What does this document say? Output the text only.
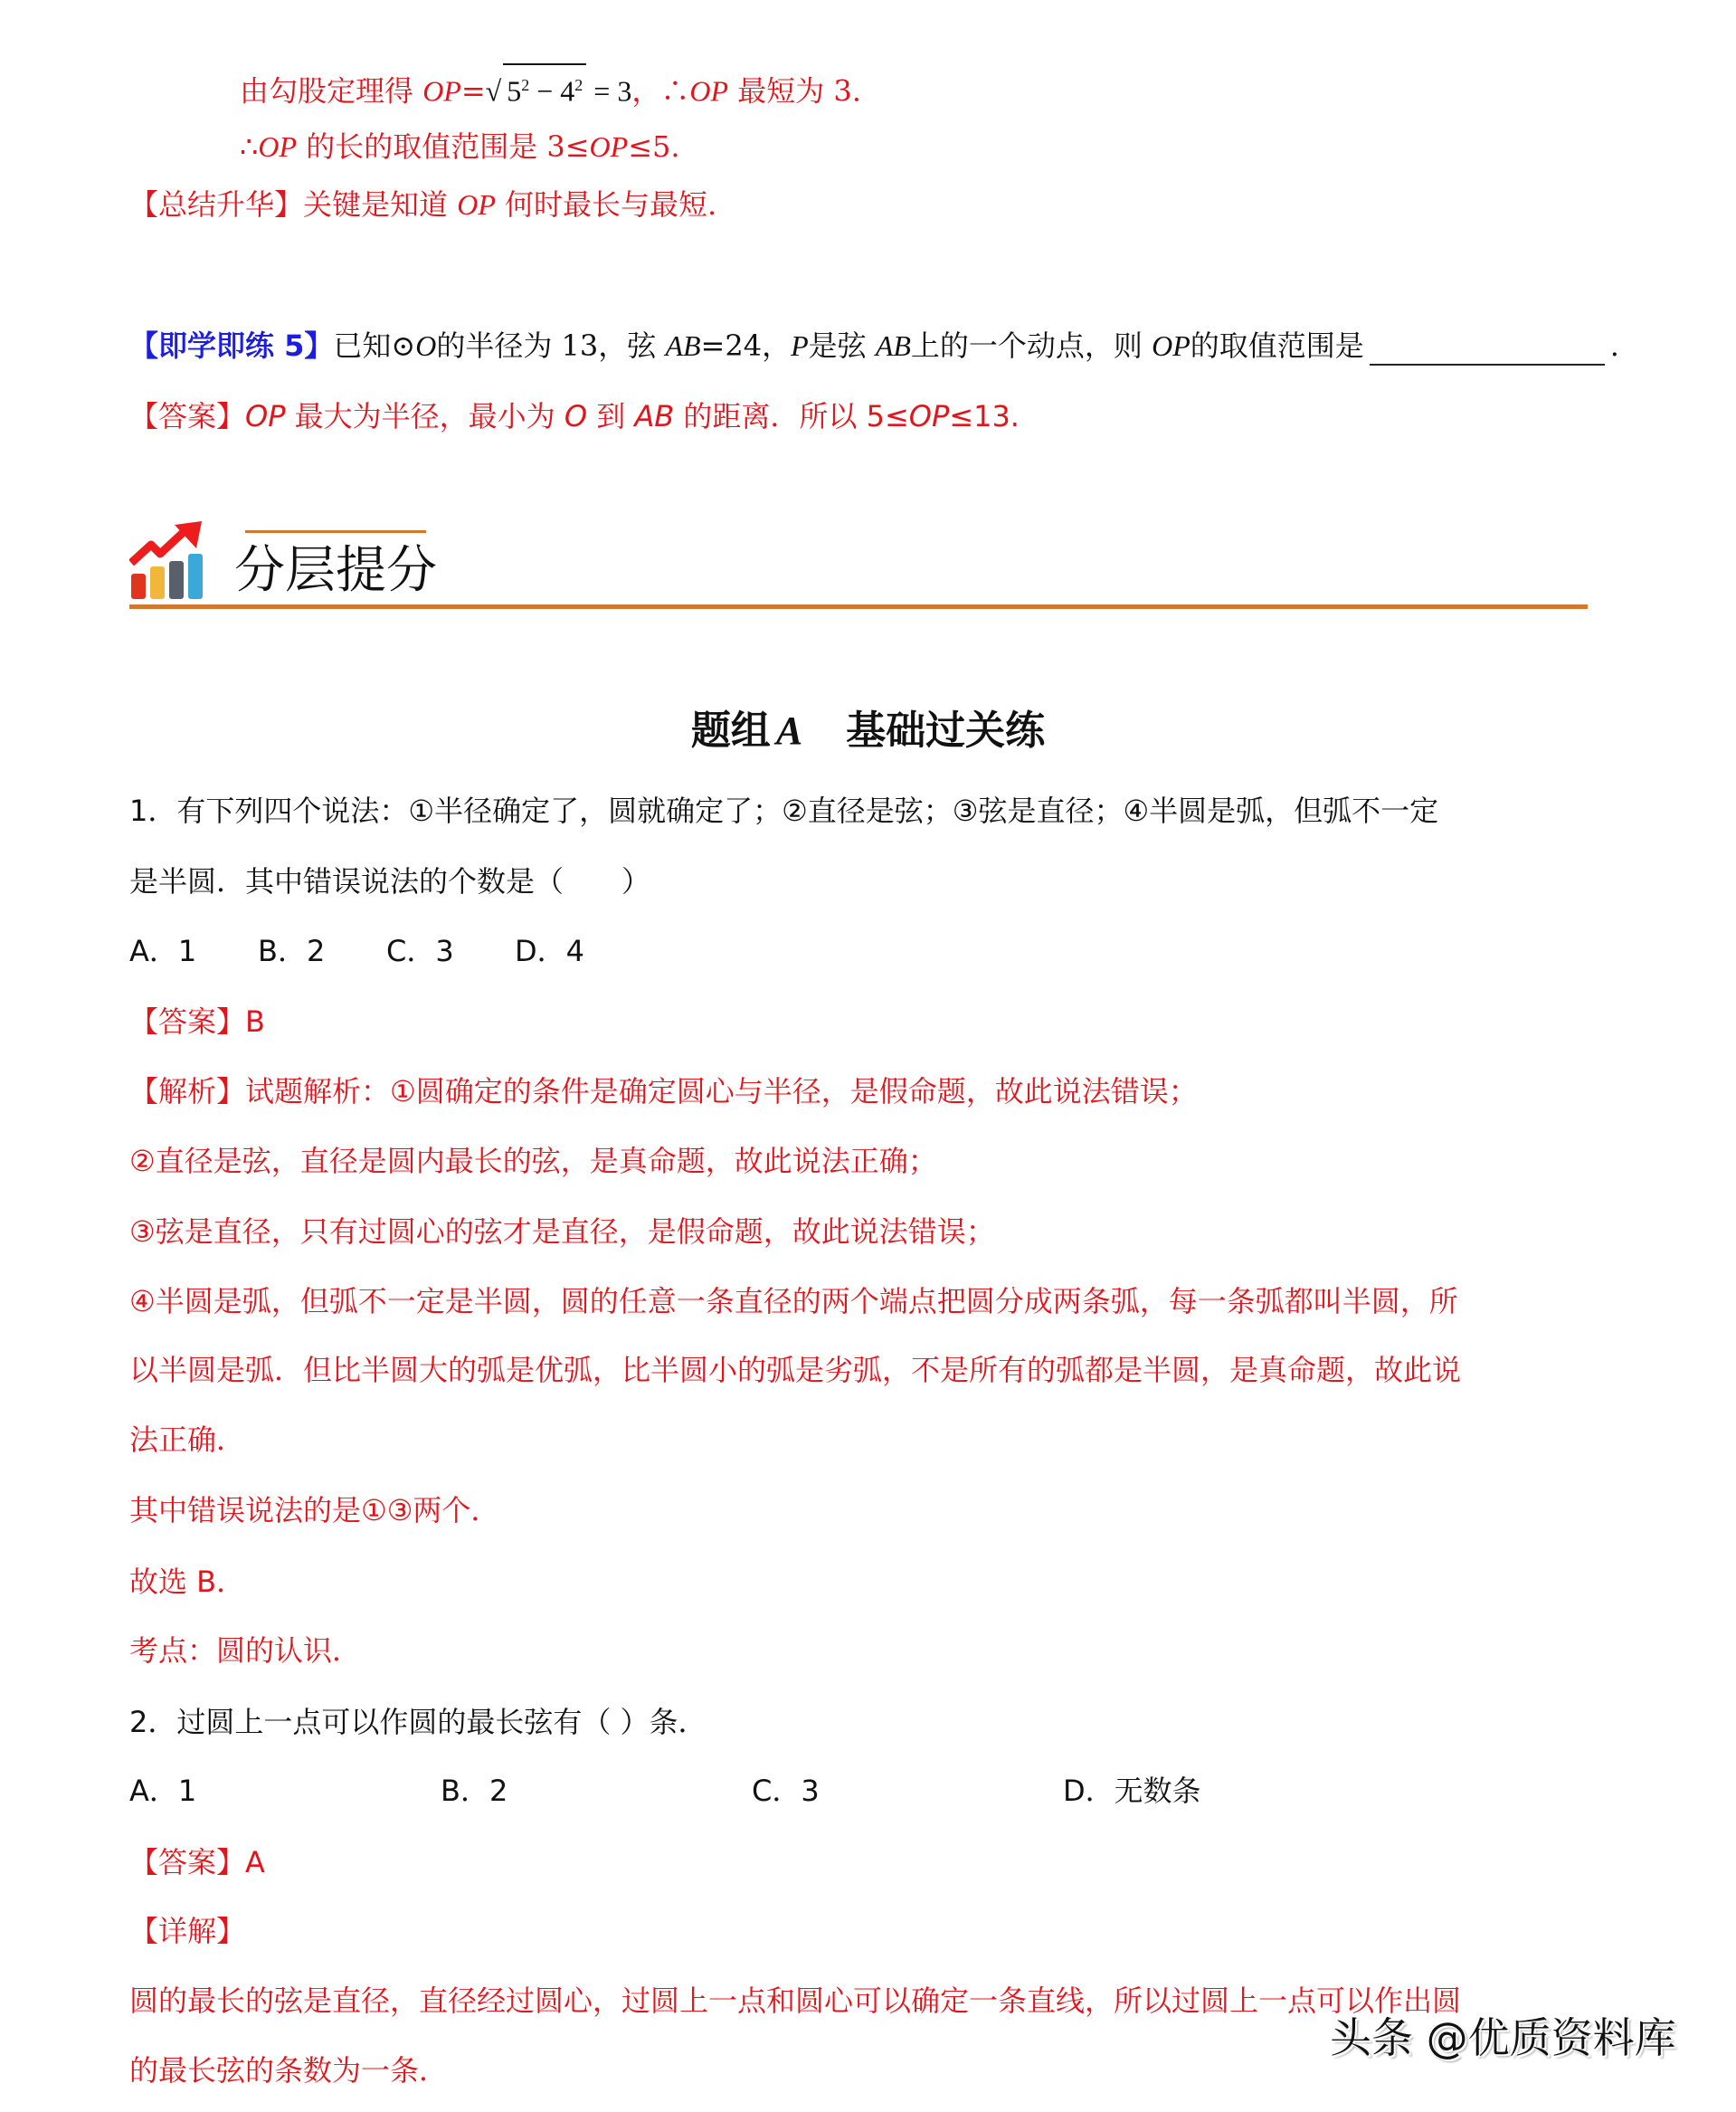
由勾股定理得 OP=√ $5^2 - 4^2 = 3$，∴OP 最短为 3.
∴OP 的长的取值范围是 3≤OP≤5.
【总结升华】关键是知道 OP 何时最长与最短.
【即学即练 5】已知⊙O的半径为 13，弦 AB=24，P是弦 AB上的一个动点，则 OP的取值范围是	.
【答案】OP 最大为半径，最小为 O 到 AB 的距离．所以 5≤OP≤13.
分层提分
题组 A 基础过关练
1．有下列四个说法：①半径确定了，圆就确定了；②直径是弦；③弦是直径；④半圆是弧，但弧不一定
是半圆．其中错误说法的个数是（　　）
A．1 B．2 C．3 D．4
【答案】B
【解析】试题解析：①圆确定的条件是确定圆心与半径，是假命题，故此说法错误；
②直径是弦，直径是圆内最长的弦，是真命题，故此说法正确；
③弦是直径，只有过圆心的弦才是直径，是假命题，故此说法错误；
④半圆是弧，但弧不一定是半圆，圆的任意一条直径的两个端点把圆分成两条弧，每一条弧都叫半圆，所
以半圆是弧．但比半圆大的弧是优弧，比半圆小的弧是劣弧，不是所有的弧都是半圆，是真命题，故此说
法正确．
其中错误说法的是①③两个．
故选 B．
考点：圆的认识．
2．过圆上一点可以作圆的最长弦有（ ）条．
A．1	B．2	C．3	D．无数条
【答案】A
【详解】
圆的最长的弦是直径，直径经过圆心，过圆上一点和圆心可以确定一条直线，所以过圆上一点可以作出圆
的最长弦的条数为一条．
头条 @优质资料库
